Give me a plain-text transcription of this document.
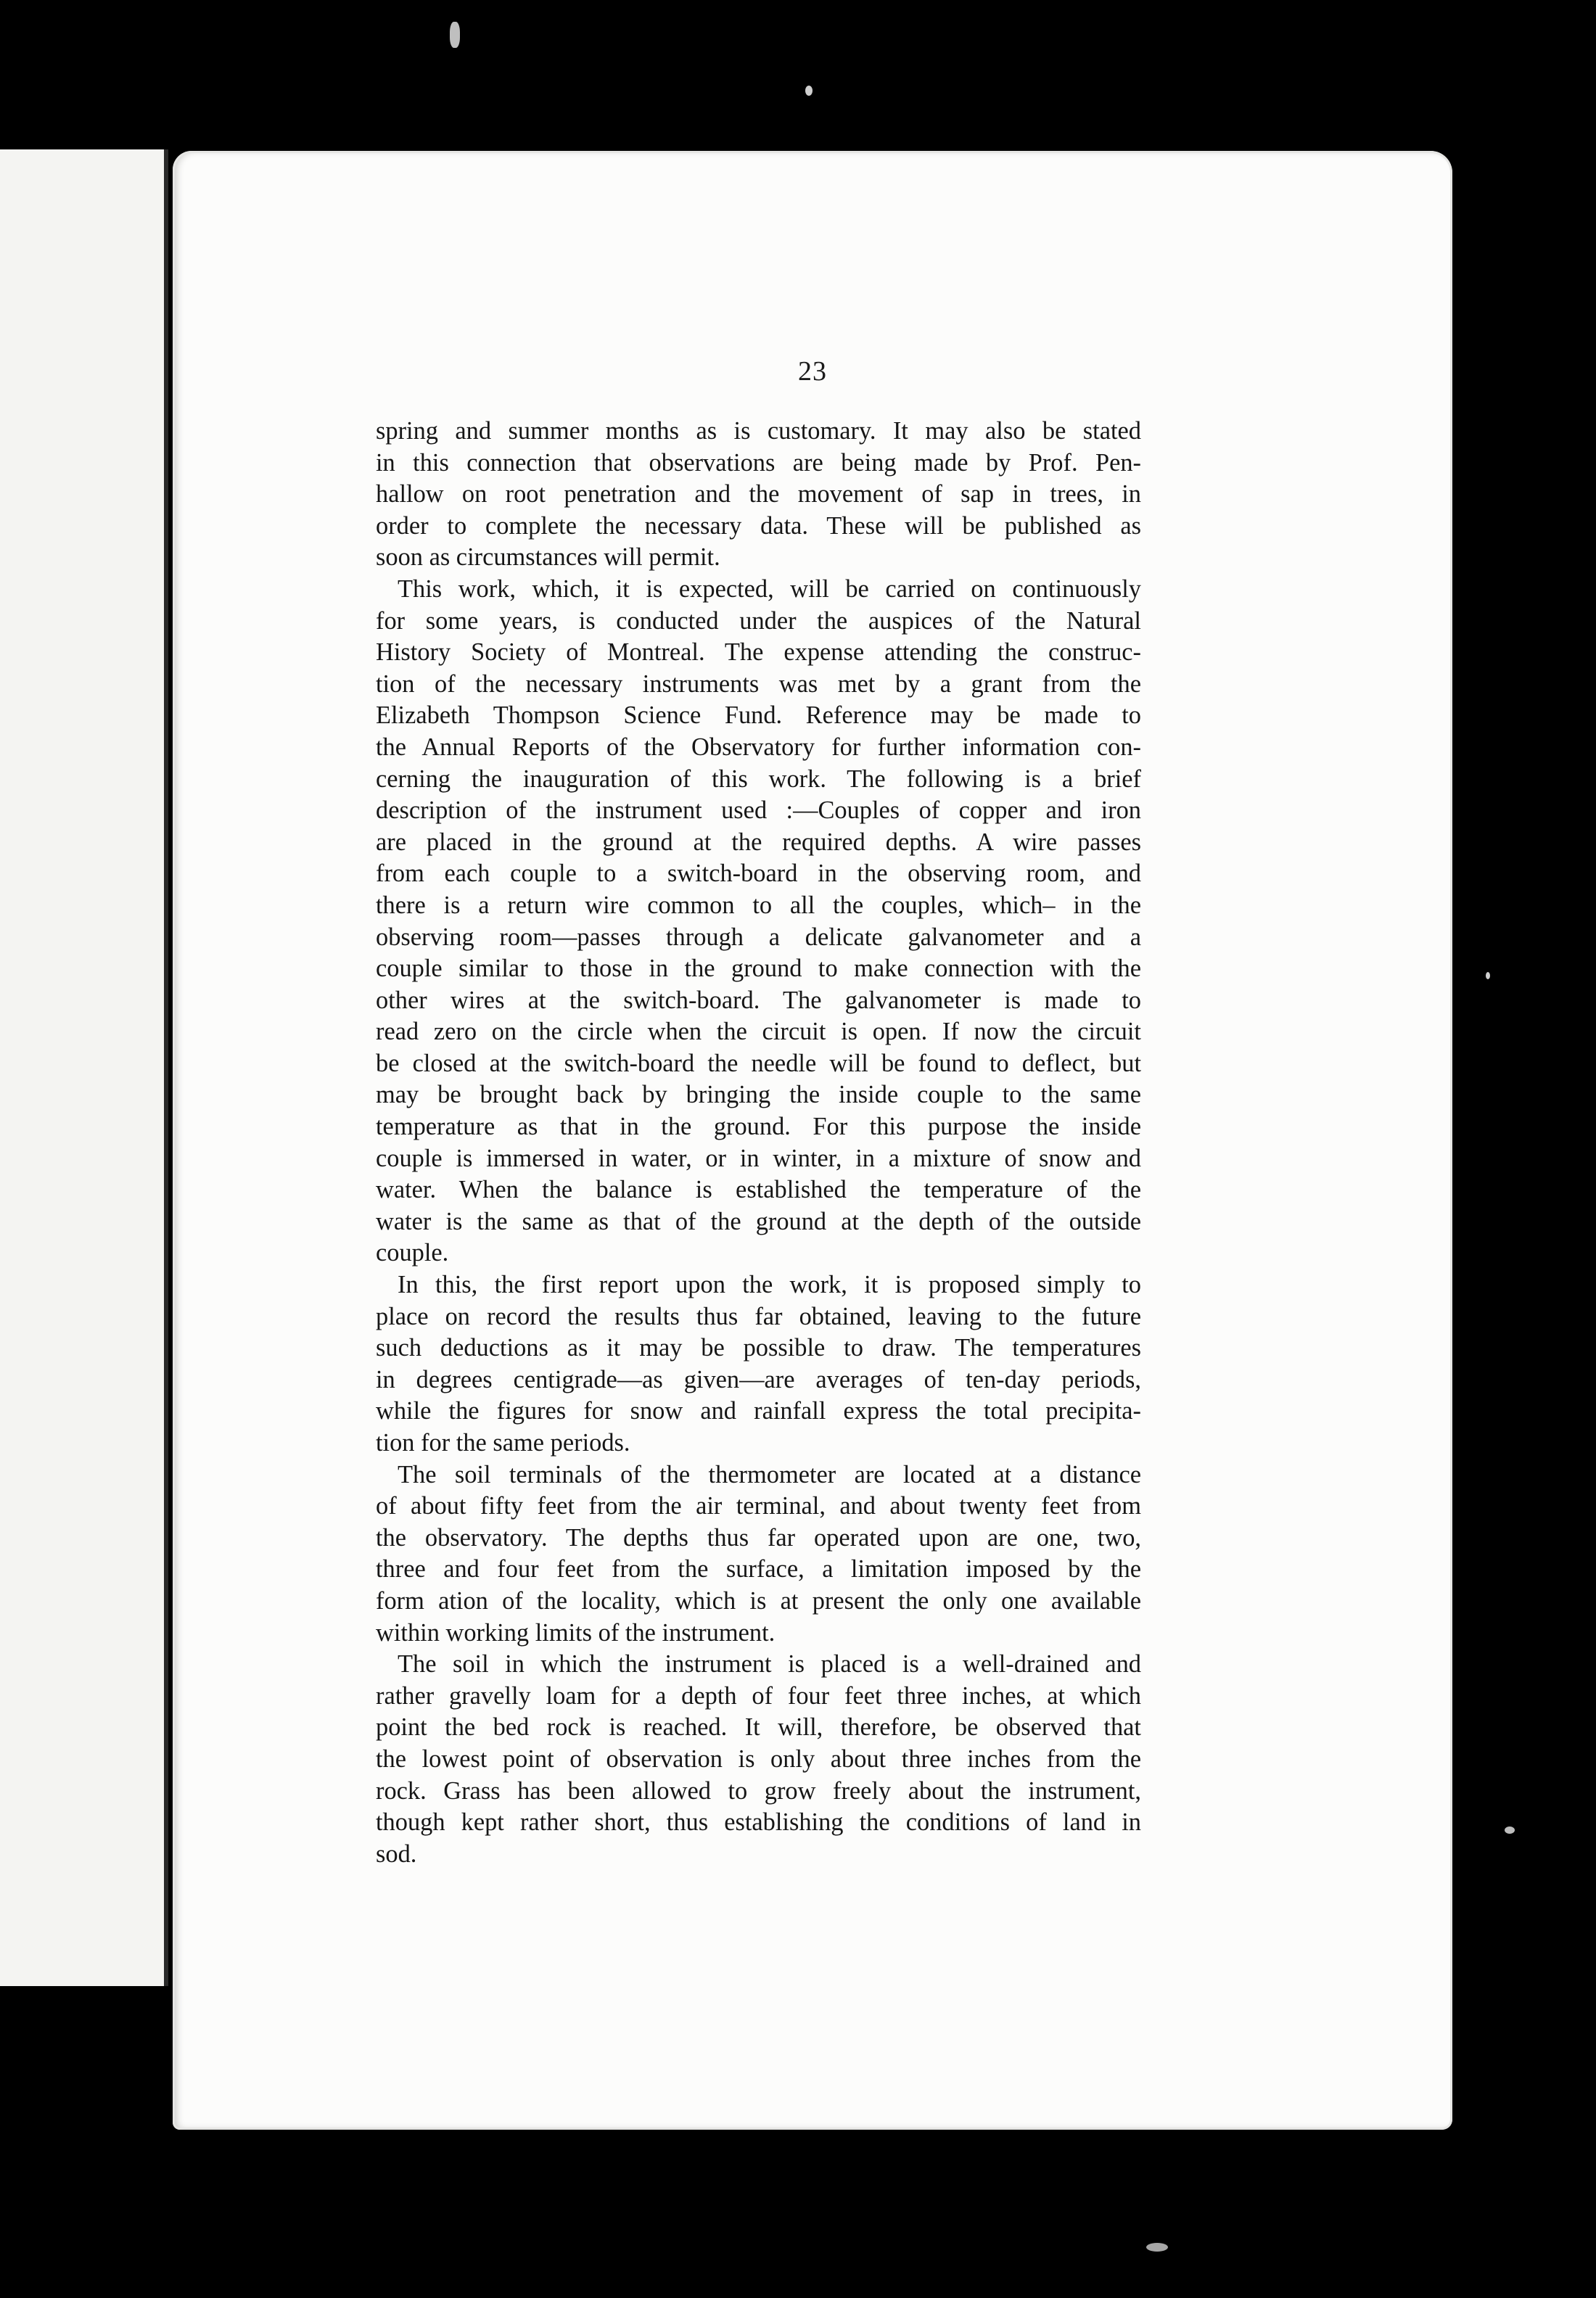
23
spring and summer months as is customary. It may also be stated
in this connection that observations are being made by Prof. Pen-
hallow on root penetration and the movement of sap in trees, in
order to complete the necessary data. These will be published as
soon as circumstances will permit.
This work, which, it is expected, will be carried on continuously
for some years, is conducted under the auspices of the Natural
History Society of Montreal. The expense attending the construc-
tion of the necessary instruments was met by a grant from the
Elizabeth Thompson Science Fund. Reference may be made to
the Annual Reports of the Observatory for further information con-
cerning the inauguration of this work. The following is a brief
description of the instrument used :—Couples of copper and iron
are placed in the ground at the required depths. A wire passes
from each couple to a switch-board in the observing room, and
there is a return wire common to all the couples, which– in the
observing room—passes through a delicate galvanometer and a
couple similar to those in the ground to make connection with the
other wires at the switch-board. The galvanometer is made to
read zero on the circle when the circuit is open. If now the circuit
be closed at the switch-board the needle will be found to deflect, but
may be brought back by bringing the inside couple to the same
temperature as that in the ground. For this purpose the inside
couple is immersed in water, or in winter, in a mixture of snow and
water. When the balance is established the temperature of the
water is the same as that of the ground at the depth of the outside
couple.
In this, the first report upon the work, it is proposed simply to
place on record the results thus far obtained, leaving to the future
such deductions as it may be possible to draw. The temperatures
in degrees centigrade—as given—are averages of ten-day periods,
while the figures for snow and rainfall express the total precipita-
tion for the same periods.
The soil terminals of the thermometer are located at a distance
of about fifty feet from the air terminal, and about twenty feet from
the observatory. The depths thus far operated upon are one, two,
three and four feet from the surface, a limitation imposed by the
form ation of the locality, which is at present the only one available
within working limits of the instrument.
The soil in which the instrument is placed is a well-drained and
rather gravelly loam for a depth of four feet three inches, at which
point the bed rock is reached. It will, therefore, be observed that
the lowest point of observation is only about three inches from the
rock. Grass has been allowed to grow freely about the instrument,
though kept rather short, thus establishing the conditions of land in
sod.
